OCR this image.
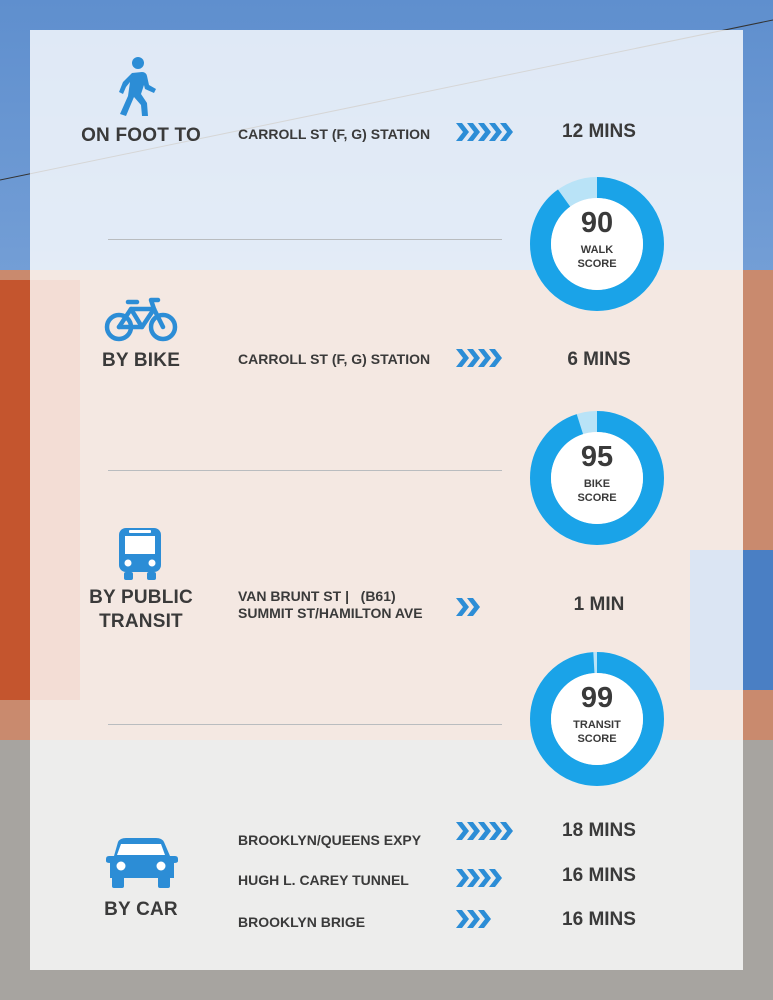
ON FOOT TO	CARROLL ST (F, G) STATION	12 MINS
90
WALK
SCORE
BY BIKE	CARROLL ST (F, G) STATION	6 MINS
95
BIKE
SCORE
BY PUBLIC
TRANSIT
VAN BRUNT ST |   (B61)
SUMMIT ST/HAMILTON AVE	1 MIN
99
TRANSIT
SCORE
BY CAR
BROOKLYN/QUEENS EXPY	18 MINS
HUGH L. CAREY TUNNEL	16 MINS
BROOKLYN BRIGE	16 MINS
